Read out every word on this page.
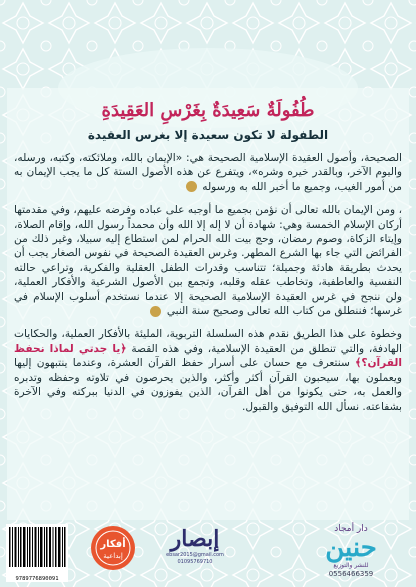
طُفُولَةٌ سَعِيدَةٌ بِغَرْسِ العَقِيدَةِ
الطفولة لا تكون سعيدة إلا بغرس العقيدة

الصحيحة، وأصول العقيدة الإسلامية الصحيحة هي: «الإيمان بالله، وملائكته، وكتبه، ورسله، واليوم الآخر، وبالقدر خيره وشره»، ويتفرع عن هذه الأصول الستة كل ما يجب الإيمان به من أمور الغيب، وجميع ما أخبر الله به ورسوله

، ومن الإيمان بالله تعالى أن نؤمن بجميع ما أوجبه على عباده وفرضه عليهم، وفي مقدمتها أركان الإسلام الخمسة وهي: شهادة أن لا إله إلا الله وأن محمداً رسول الله، وإقام الصلاة، وإيتاء الزكاة، وصوم رمضان، وحج بيت الله الحرام لمن استطاع إليه سبيلا، وغير ذلك من الفرائض التي جاء بها الشرع المطهر. وغرس العقيدة الصحيحة في نفوس الصغار يجب أن يحدث بطريقة هادئة وجميلة؛ تتناسب وقدرات الطفل العقلية والفكرية، وتراعي حالته النفسية والعاطفية، وتخاطب عقله وقلبه، وتجمع بين الأصول الشرعية والأفكار العملية، ولن ننجح في غرس العقيدة الإسلامية الصحيحة إلا عندما نستخدم أسلوب الإسلام في غرسها؛ فننطلق من كتاب الله تعالى وصحيح سنة النبي

وخطوة على هذا الطريق نقدم هذه السلسلة التربوية، المليئة بالأفكار العملية، والحكايات الهادفة، والتي تنطلق من العقيدة الإسلامية، وفي هذه القصة ﴿يا جدتي لماذا نحفظ القرآن؟﴾ سنتعرف مع حسان على أسرار حفظ القرآن العشرة، وعندما ينتبهون إليها ويعملون بها، سيحبون القرآن أكثر وأكثر، والذين يحرصون في تلاوته وحفظه وتدبره والعمل به، حتى يكونوا من أهل القرآن، الذين يفوزون في الدنيا ببركته وفي الآخرة بشفاعته. نسأل الله التوفيق والقبول.

9789776890091
أفكار
إبداعية
إبصار
ebsar2015@gmail.com
01095769710
دار أمجاد
حنين
للنشر والتوزيع
0556466359
